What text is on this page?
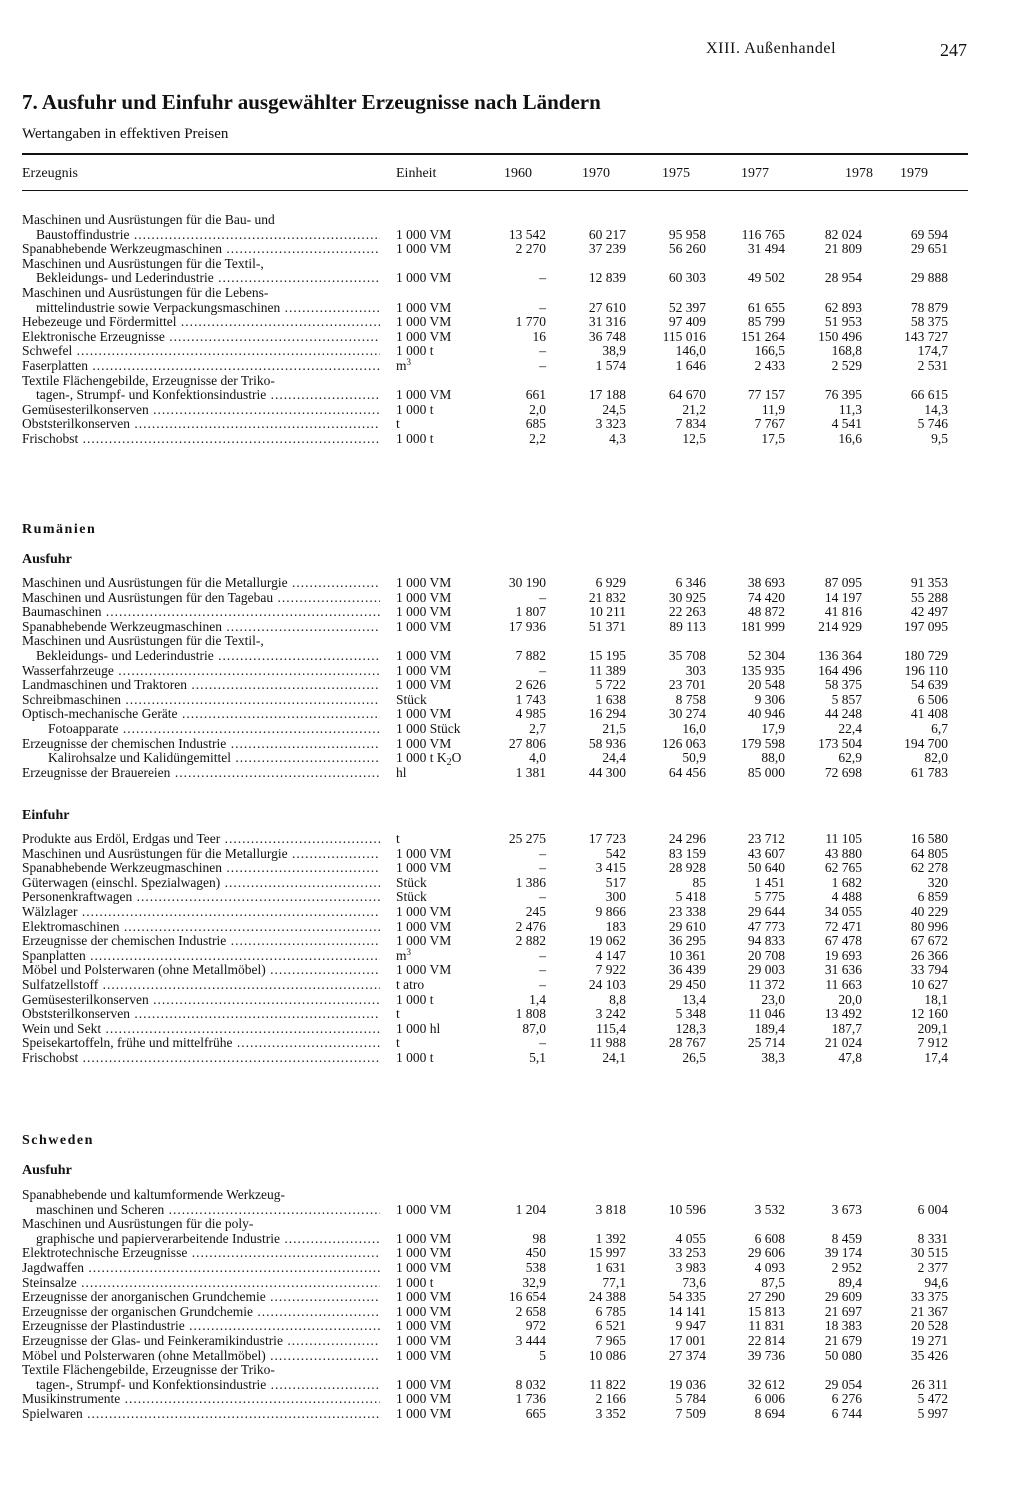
XIII. Außenhandel	247
7. Ausfuhr und Einfuhr ausgewählter Erzeugnisse nach Ländern
Wertangaben in effektiven Preisen
Erzeugnis	Einheit	1960	1970	1975	1977	1978	1979
Maschinen und Ausrüstungen für die Bau- und
Baustoffindustrie .....	1 000 VM	13 542	60 217	95 958	116 765	82 024	69 594
Spanabhebende Werkzeugmaschinen .....	1 000 VM	2 270	37 239	56 260	31 494	21 809	29 651
Maschinen und Ausrüstungen für die Textil-,
Bekleidungs- und Lederindustrie .....	1 000 VM	–	12 839	60 303	49 502	28 954	29 888
Maschinen und Ausrüstungen für die Lebens-
mittelindustrie sowie Verpackungsmaschinen .....	1 000 VM	–	27 610	52 397	61 655	62 893	78 879
Hebezeuge und Fördermittel .....	1 000 VM	1 770	31 316	97 409	85 799	51 953	58 375
Elektronische Erzeugnisse .....	1 000 VM	16	36 748	115 016	151 264	150 496	143 727
Schwefel .....	1 000 t	–	38,9	146,0	166,5	168,8	174,7
Faserplatten .....	$m^3$	–	1 574	1 646	2 433	2 529	2 531
Textile Flächengebilde, Erzeugnisse der Triko-
tagen-, Strumpf- und Konfektionsindustrie .....	1 000 VM	661	17 188	64 670	77 157	76 395	66 615
Gemüsesterilkonserven .....	1 000 t	2,0	24,5	21,2	11,9	11,3	14,3
Obststerilkonserven .....	t	685	3 323	7 834	7 767	4 541	5 746
Frischobst .....	1 000 t	2,2	4,3	12,5	17,5	16,6	9,5
Rumänien
Ausfuhr
Maschinen und Ausrüstungen für die Metallurgie .....	1 000 VM	30 190	6 929	6 346	38 693	87 095	91 353
Maschinen und Ausrüstungen für den Tagebau .....	1 000 VM	–	21 832	30 925	74 420	14 197	55 288
Baumaschinen .....	1 000 VM	1 807	10 211	22 263	48 872	41 816	42 497
Spanabhebende Werkzeugmaschinen .....	1 000 VM	17 936	51 371	89 113	181 999	214 929	197 095
Maschinen und Ausrüstungen für die Textil-,
Bekleidungs- und Lederindustrie .....	1 000 VM	7 882	15 195	35 708	52 304	136 364	180 729
Wasserfahrzeuge .....	1 000 VM	–	11 389	303	135 935	164 496	196 110
Landmaschinen und Traktoren .....	1 000 VM	2 626	5 722	23 701	20 548	58 375	54 639
Schreibmaschinen .....	Stück	1 743	1 638	8 758	9 306	5 857	6 506
Optisch-mechanische Geräte .....	1 000 VM	4 985	16 294	30 274	40 946	44 248	41 408
Fotoapparate .....	1 000 Stück	2,7	21,5	16,0	17,9	22,4	6,7
Erzeugnisse der chemischen Industrie .....	1 000 VM	27 806	58 936	126 063	179 598	173 504	194 700
Kalirohsalze und Kalidüngemittel .....	1 000 t $K_2O$	4,0	24,4	50,9	88,0	62,9	82,0
Erzeugnisse der Brauereien .....	hl	1 381	44 300	64 456	85 000	72 698	61 783
Einfuhr
Produkte aus Erdöl, Erdgas und Teer .....	t	25 275	17 723	24 296	23 712	11 105	16 580
Maschinen und Ausrüstungen für die Metallurgie .....	1 000 VM	–	542	83 159	43 607	43 880	64 805
Spanabhebende Werkzeugmaschinen .....	1 000 VM	–	3 415	28 928	50 640	62 765	62 278
Güterwagen (einschl. Spezialwagen) .....	Stück	1 386	517	85	1 451	1 682	320
Personenkraftwagen .....	Stück	–	300	5 418	5 775	4 488	6 859
Wälzlager .....	1 000 VM	245	9 866	23 338	29 644	34 055	40 229
Elektromaschinen .....	1 000 VM	2 476	183	29 610	47 773	72 471	80 996
Erzeugnisse der chemischen Industrie .....	1 000 VM	2 882	19 062	36 295	94 833	67 478	67 672
Spanplatten .....	$m^3$	–	4 147	10 361	20 708	19 693	26 366
Möbel und Polsterwaren (ohne Metallmöbel) .....	1 000 VM	–	7 922	36 439	29 003	31 636	33 794
Sulfatzellstoff .....	t atro	–	24 103	29 450	11 372	11 663	10 627
Gemüsesterilkonserven .....	1 000 t	1,4	8,8	13,4	23,0	20,0	18,1
Obststerilkonserven .....	t	1 808	3 242	5 348	11 046	13 492	12 160
Wein und Sekt .....	1 000 hl	87,0	115,4	128,3	189,4	187,7	209,1
Speisekartoffeln, frühe und mittelfrühe .....	t	–	11 988	28 767	25 714	21 024	7 912
Frischobst .....	1 000 t	5,1	24,1	26,5	38,3	47,8	17,4
Schweden
Ausfuhr
Spanabhebende und kaltumformende Werkzeug-
maschinen und Scheren .....	1 000 VM	1 204	3 818	10 596	3 532	3 673	6 004
Maschinen und Ausrüstungen für die poly-
graphische und papierverarbeitende Industrie .....	1 000 VM	98	1 392	4 055	6 608	8 459	8 331
Elektrotechnische Erzeugnisse .....	1 000 VM	450	15 997	33 253	29 606	39 174	30 515
Jagdwaffen .....	1 000 VM	538	1 631	3 983	4 093	2 952	2 377
Steinsalze .....	1 000 t	32,9	77,1	73,6	87,5	89,4	94,6
Erzeugnisse der anorganischen Grundchemie .....	1 000 VM	16 654	24 388	54 335	27 290	29 609	33 375
Erzeugnisse der organischen Grundchemie .....	1 000 VM	2 658	6 785	14 141	15 813	21 697	21 367
Erzeugnisse der Plastindustrie .....	1 000 VM	972	6 521	9 947	11 831	18 383	20 528
Erzeugnisse der Glas- und Feinkeramikindustrie .....	1 000 VM	3 444	7 965	17 001	22 814	21 679	19 271
Möbel und Polsterwaren (ohne Metallmöbel) .....	1 000 VM	5	10 086	27 374	39 736	50 080	35 426
Textile Flächengebilde, Erzeugnisse der Triko-
tagen-, Strumpf- und Konfektionsindustrie .....	1 000 VM	8 032	11 822	19 036	32 612	29 054	26 311
Musikinstrumente .....	1 000 VM	1 736	2 166	5 784	6 006	6 276	5 472
Spielwaren .....	1 000 VM	665	3 352	7 509	8 694	6 744	5 997
